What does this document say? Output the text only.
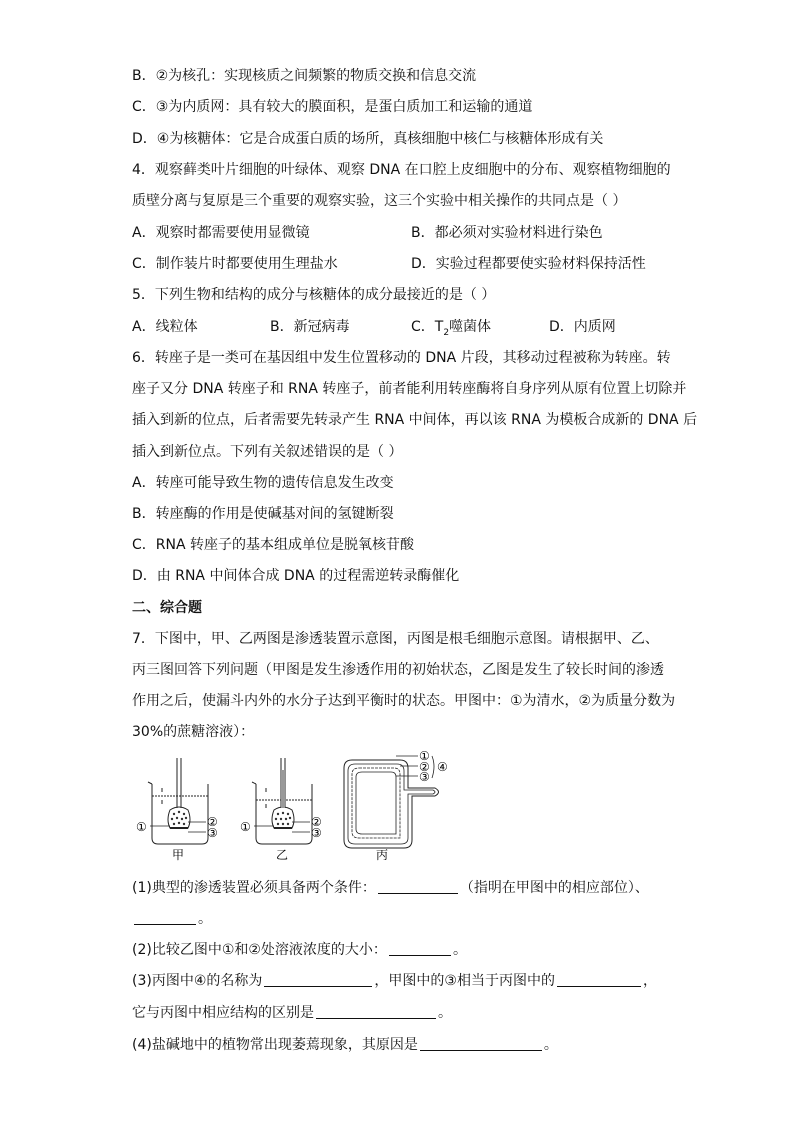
B．②为核孔：实现核质之间频繁的物质交换和信息交流
C．③为内质网：具有较大的膜面积，是蛋白质加工和运输的通道
D．④为核糖体：它是合成蛋白质的场所，真核细胞中核仁与核糖体形成有关
4．观察藓类叶片细胞的叶绿体、观察 DNA 在口腔上皮细胞中的分布、观察植物细胞的
质壁分离与复原是三个重要的观察实验，这三个实验中相关操作的共同点是（ ）
A．观察时都需要使用显微镜	B．都必须对实验材料进行染色
C．制作装片时都要使用生理盐水	D．实验过程都要使实验材料保持活性
5．下列生物和结构的成分与核糖体的成分最接近的是（ ）
A．线粒体	B．新冠病毒	C．$T_2$噬菌体	D．内质网
6．转座子是一类可在基因组中发生位置移动的 DNA 片段，其移动过程被称为转座。转
座子又分 DNA 转座子和 RNA 转座子，前者能利用转座酶将自身序列从原有位置上切除并
插入到新的位点，后者需要先转录产生 RNA 中间体，再以该 RNA 为模板合成新的 DNA 后
插入到新位点。下列有关叙述错误的是（ ）
A．转座可能导致生物的遗传信息发生改变
B．转座酶的作用是使碱基对间的氢键断裂
C．RNA 转座子的基本组成单位是脱氧核苷酸
D．由 RNA 中间体合成 DNA 的过程需逆转录酶催化
二、综合题
7．下图中，甲、乙两图是渗透装置示意图，丙图是根毛细胞示意图。请根据甲、乙、
丙三图回答下列问题（甲图是发生渗透作用的初始状态，乙图是发生了较长时间的渗透
作用之后，使漏斗内外的水分子达到平衡时的状态。甲图中：①为清水，②为质量分数为
30%的蔗糖溶液）：
①	②
③
甲
①	②
③
乙
①
②
③
④
丙
(1)典型的渗透装置必须具备两个条件：	（指明在甲图中的相应部位）、
。
(2)比较乙图中①和②处溶液浓度的大小：	。
(3)丙图中④的名称为	，甲图中的③相当于丙图中的	，
它与丙图中相应结构的区别是	。
(4)盐碱地中的植物常出现萎蔫现象，其原因是	。
